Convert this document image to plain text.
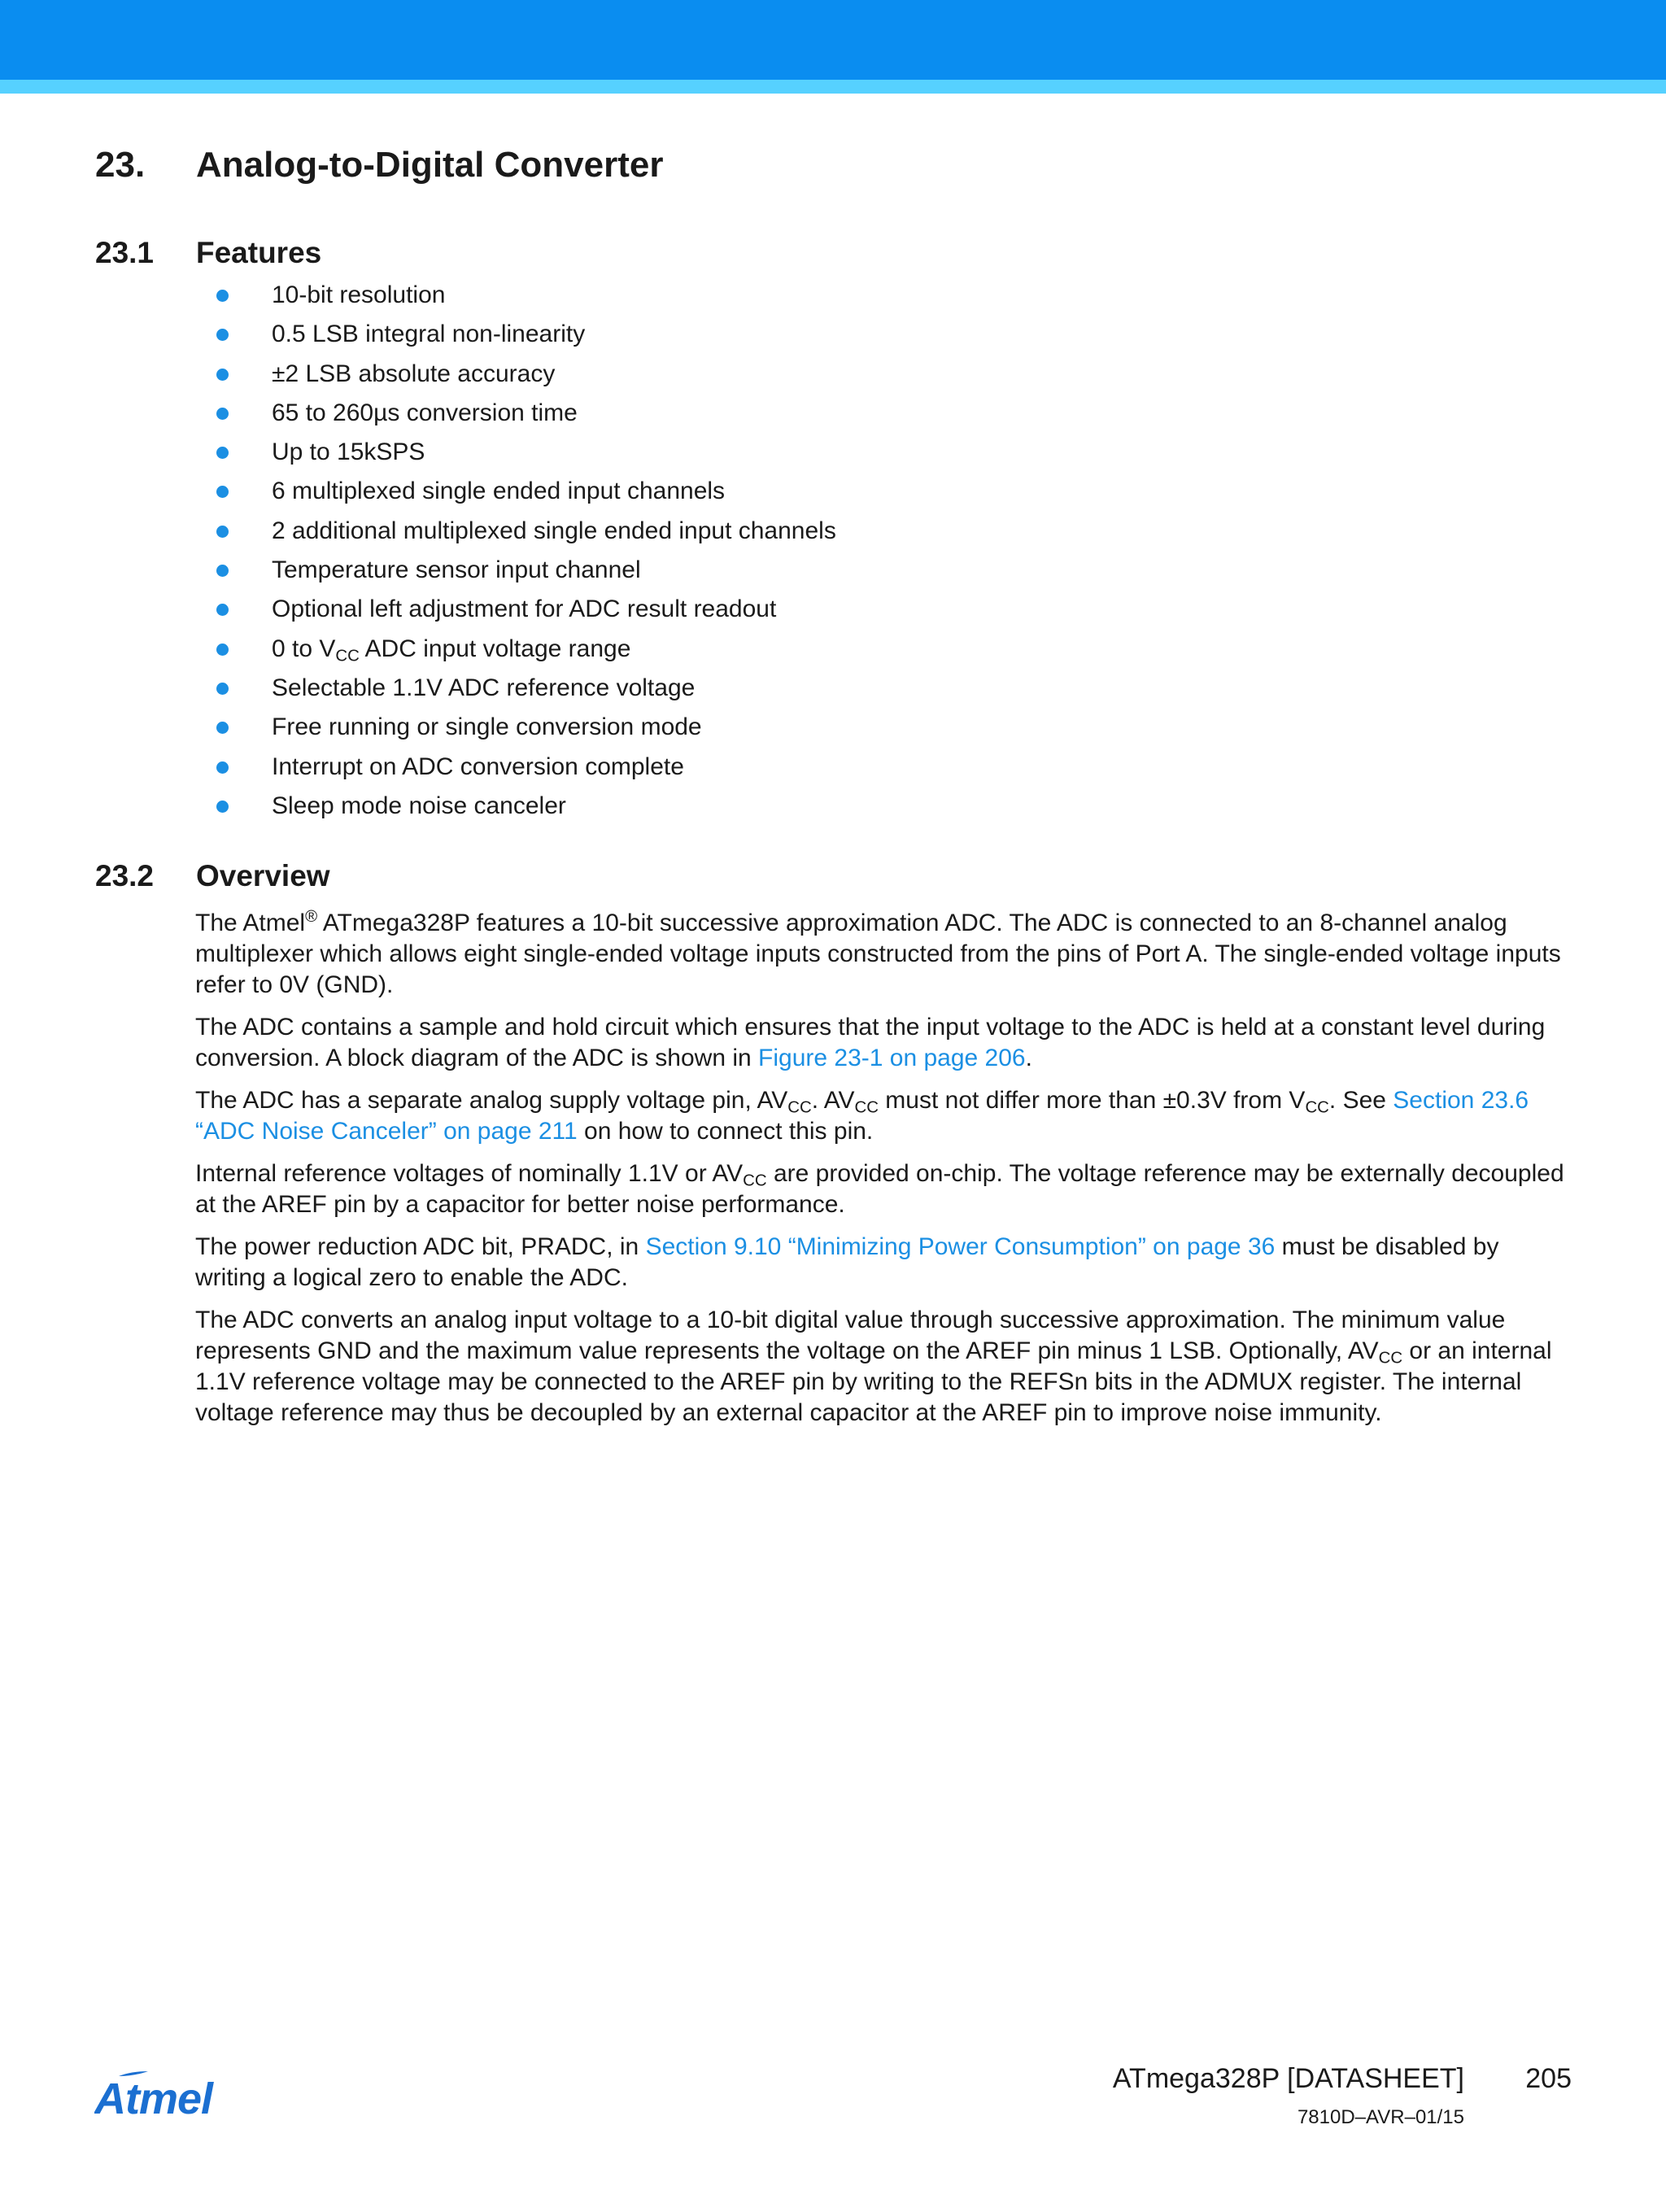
23. Analog-to-Digital Converter
23.1 Features
10-bit resolution
0.5 LSB integral non-linearity
±2 LSB absolute accuracy
65 to 260µs conversion time
Up to 15kSPS
6 multiplexed single ended input channels
2 additional multiplexed single ended input channels
Temperature sensor input channel
Optional left adjustment for ADC result readout
0 to $V_{CC}$ ADC input voltage range
Selectable 1.1V ADC reference voltage
Free running or single conversion mode
Interrupt on ADC conversion complete
Sleep mode noise canceler
23.2 Overview

The Atmel® ATmega328P features a 10-bit successive approximation ADC. The ADC is connected to an 8-channel analog multiplexer which allows eight single-ended voltage inputs constructed from the pins of Port A. The single-ended voltage inputs refer to 0V (GND).

The ADC contains a sample and hold circuit which ensures that the input voltage to the ADC is held at a constant level during conversion. A block diagram of the ADC is shown in Figure 23-1 on page 206.

The ADC has a separate analog supply voltage pin, $AV_{CC}$. $AV_{CC}$ must not differ more than ±0.3V from $V_{CC}$. See Section 23.6 “ADC Noise Canceler” on page 211 on how to connect this pin.

Internal reference voltages of nominally 1.1V or $AV_{CC}$ are provided on-chip. The voltage reference may be externally decoupled at the AREF pin by a capacitor for better noise performance.

The power reduction ADC bit, PRADC, in Section 9.10 “Minimizing Power Consumption” on page 36 must be disabled by writing a logical zero to enable the ADC.

The ADC converts an analog input voltage to a 10-bit digital value through successive approximation. The minimum value represents GND and the maximum value represents the voltage on the AREF pin minus 1 LSB. Optionally, $AV_{CC}$ or an internal 1.1V reference voltage may be connected to the AREF pin by writing to the REFSn bits in the ADMUX register. The internal voltage reference may thus be decoupled by an external capacitor at the AREF pin to improve noise immunity.

Atmel	ATmega328P [DATASHEET] 205
7810D–AVR–01/15
